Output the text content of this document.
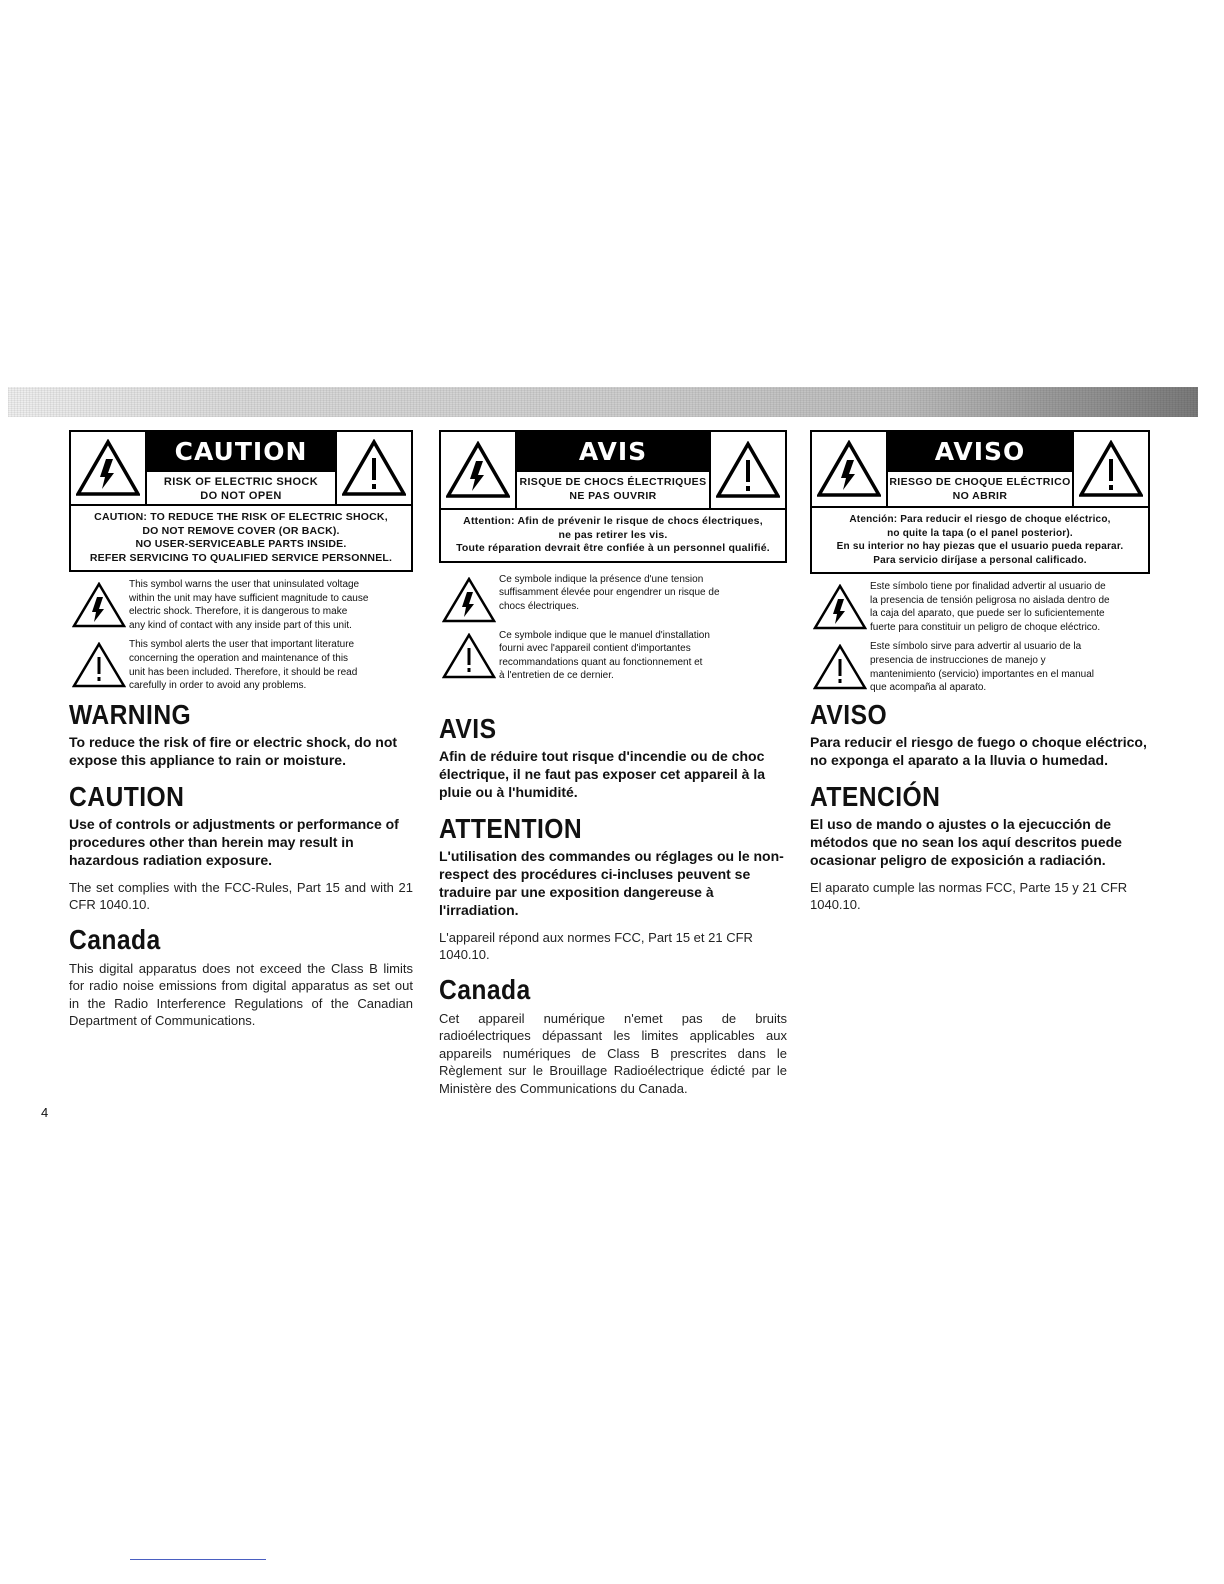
CAUTION
RISK OF ELECTRIC SHOCK
DO NOT OPEN
CAUTION: TO REDUCE THE RISK OF ELECTRIC SHOCK,
DO NOT REMOVE COVER (OR BACK).
NO USER-SERVICEABLE PARTS INSIDE.
REFER SERVICING TO QUALIFIED SERVICE PERSONNEL.
This symbol warns the user that uninsulated voltage
within the unit may have sufficient magnitude to cause
electric shock. Therefore, it is dangerous to make
any kind of contact with any inside part of this unit.
This symbol alerts the user that important literature
concerning the operation and maintenance of this
unit has been included. Therefore, it should be read
carefully in order to avoid any problems.
WARNING

To reduce the risk of fire or electric shock, do not expose this appliance to rain or moisture.

CAUTION

Use of controls or adjustments or performance of procedures other than herein may result in hazardous radiation exposure.

The set complies with the FCC-Rules, Part 15 and with 21 CFR 1040.10.

Canada

This digital apparatus does not exceed the Class B limits for radio noise emissions from digital apparatus as set out in the Radio Interference Regulations of the Canadian Department of Communications.

AVIS
RISQUE DE CHOCS ÉLECTRIQUES
NE PAS OUVRIR
Attention: Afin de prévenir le risque de chocs électriques,
ne pas retirer les vis.
Toute réparation devrait être confiée à un personnel qualifié.
Ce symbole indique la présence d'une tension
suffisamment élevée pour engendrer un risque de
chocs électriques.
Ce symbole indique que le manuel d'installation
fourni avec l'appareil contient d'importantes
recommandations quant au fonctionnement et
à l'entretien de ce dernier.
AVIS

Afin de réduire tout risque d'incendie ou de choc électrique, il ne faut pas exposer cet appareil à la pluie ou à l'humidité.

ATTENTION

L'utilisation des commandes ou réglages ou le non-respect des procédures ci-incluses peuvent se traduire par une exposition dangereuse à l'irradiation.

L'appareil répond aux normes FCC, Part 15 et 21 CFR 1040.10.

Canada

Cet appareil numérique n'emet pas de bruits radioélectriques dépassant les limites applicables aux appareils numériques de Class B prescrites dans le Règlement sur le Brouillage Radioélectrique édicté par le Ministère des Communications du Canada.

AVISO
RIESGO DE CHOQUE ELÉCTRICO
NO ABRIR
Atención: Para reducir el riesgo de choque eléctrico,
no quite la tapa (o el panel posterior).
En su interior no hay piezas que el usuario pueda reparar.
Para servicio diríjase a personal calificado.
Este símbolo tiene por finalidad advertir al usuario de
la presencia de tensión peligrosa no aislada dentro de
la caja del aparato, que puede ser lo suficientemente
fuerte para constituir un peligro de choque eléctrico.
Este símbolo sirve para advertir al usuario de la
presencia de instrucciones de manejo y
mantenimiento (servicio) importantes en el manual
que acompaña al aparato.
AVISO

Para reducir el riesgo de fuego o choque eléctrico, no exponga el aparato a la lluvia o humedad.

ATENCIÓN

El uso de mando o ajustes o la ejecucción de métodos que no sean los aquí descritos puede ocasionar peligro de exposición a radiación.

El aparato cumple las normas FCC, Parte 15 y 21 CFR 1040.10.

4
